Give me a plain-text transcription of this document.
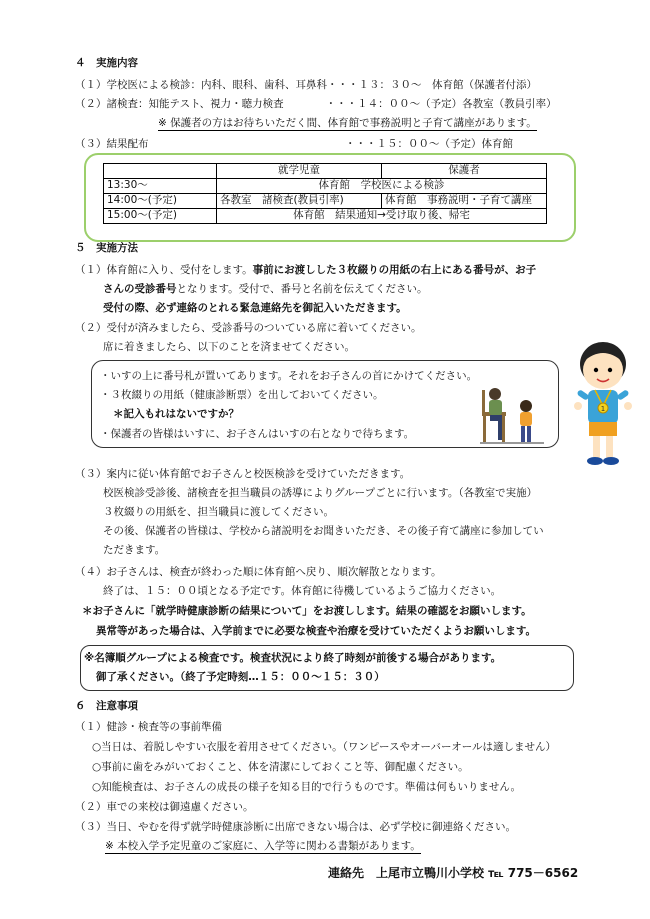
４　実施内容
（１）学校医による検診：内科、眼科、歯科、耳鼻科・・・１３：３０～　体育館（保護者付添）
（２）諸検査：知能テスト、視力・聴力検査　　　　・・・１４：００～（予定）各教室（教員引率）
※ 保護者の方はお待ちいただく間、体育館で事務説明と子育て講座があります。
（３）結果配布	・・・１５：００～（予定）体育館
	就学児童	保護者
13:30～	体育館　学校医による検診	
14:00～(予定)	各教室　諸検査(教員引率)	体育館　事務説明・子育て講座
15:00～(予定)	体育館　結果通知→受け取り後、帰宅	
５　実施方法
（１）体育館に入り、受付をします。事前にお渡しした３枚綴りの用紙の右上にある番号が、お子
さんの受診番号となります。受付で、番号と名前を伝えてください。
受付の際、必ず連絡のとれる緊急連絡先を御記入いただきます。
（２）受付が済みましたら、受診番号のついている席に着いてください。
席に着きましたら、以下のことを済ませてください。
・いすの上に番号札が置いてあります。それをお子さんの首にかけてください。
・３枚綴りの用紙（健康診断票）を出しておいてください。
＊記入もれはないですか？
・保護者の皆様はいすに、お子さんはいすの右となりで待ちます。
1
（３）案内に従い体育館でお子さんと校医検診を受けていただきます。
校医検診受診後、諸検査を担当職員の誘導によりグループごとに行います。（各教室で実施）
３枚綴りの用紙を、担当職員に渡してください。
その後、保護者の皆様は、学校から諸説明をお聞きいただき、その後子育て講座に参加してい
ただきます。
（４）お子さんは、検査が終わった順に体育館へ戻り、順次解散となります。
終了は、１５：００頃となる予定です。体育館に待機しているようご協力ください。
＊お子さんに「就学時健康診断の結果について」をお渡しします。結果の確認をお願いします。
異常等があった場合は、入学前までに必要な検査や治療を受けていただくようお願いします。
※名簿順グループによる検査です。検査状況により終了時刻が前後する場合があります。
御了承ください。（終了予定時刻…１５：００～１５：３０）
６　注意事項
（１）健診・検査等の事前準備
○当日は、着脱しやすい衣服を着用させてください。（ワンピースやオーバーオールは適しません）
○事前に歯をみがいておくこと、体を清潔にしておくこと等、御配慮ください。
○知能検査は、お子さんの成長の様子を知る目的で行うものです。準備は何もいりません。
（２）車での来校は御遠慮ください。
（３）当日、やむを得ず就学時健康診断に出席できない場合は、必ず学校に御連絡ください。
※ 本校入学予定児童のご家庭に、入学等に関わる書類があります。
連絡先　上尾市立鴨川小学校 ℡ 775－6562
